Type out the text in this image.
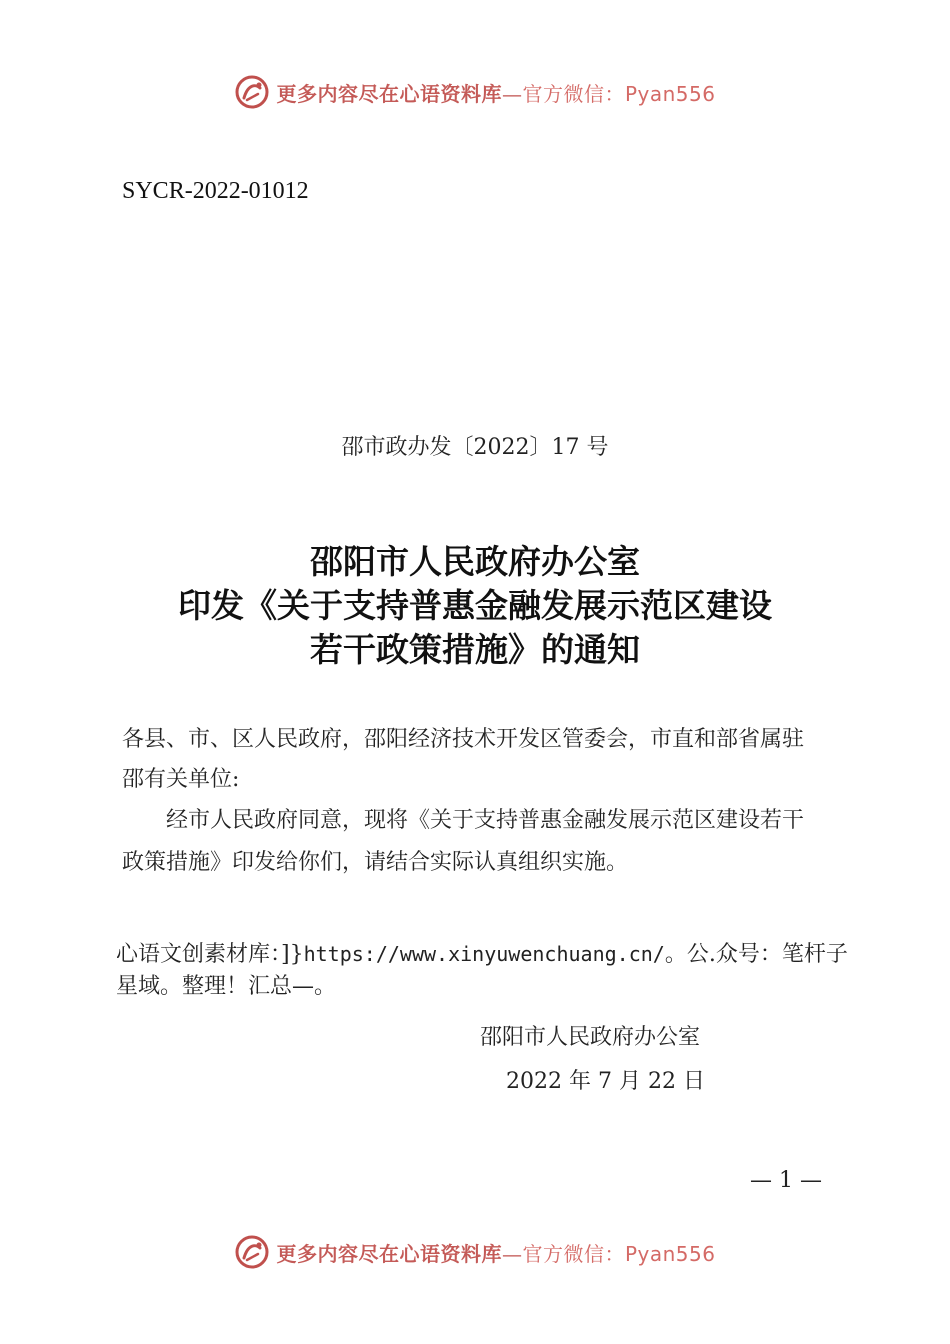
更多内容尽在心语资料库—官方微信：Pyan556
SYCR-2022-01012
邵市政办发〔2022〕17 号
邵阳市人民政府办公室
印发《关于支持普惠金融发展示范区建设
若干政策措施》的通知
各县、市、区人民政府，邵阳经济技术开发区管委会，市直和部省属驻邵有关单位:
经市人民政府同意，现将《关于支持普惠金融发展示范区建设若干政策措施》印发给你们，请结合实际认真组织实施。
心语文创素材库：]}https://www.xinyuwenchuang.cn/。公.众号：笔杆子星域。整理！汇总—。
邵阳市人民政府办公室
2022 年 7 月 22 日
— 1 —
更多内容尽在心语资料库—官方微信：Pyan556
